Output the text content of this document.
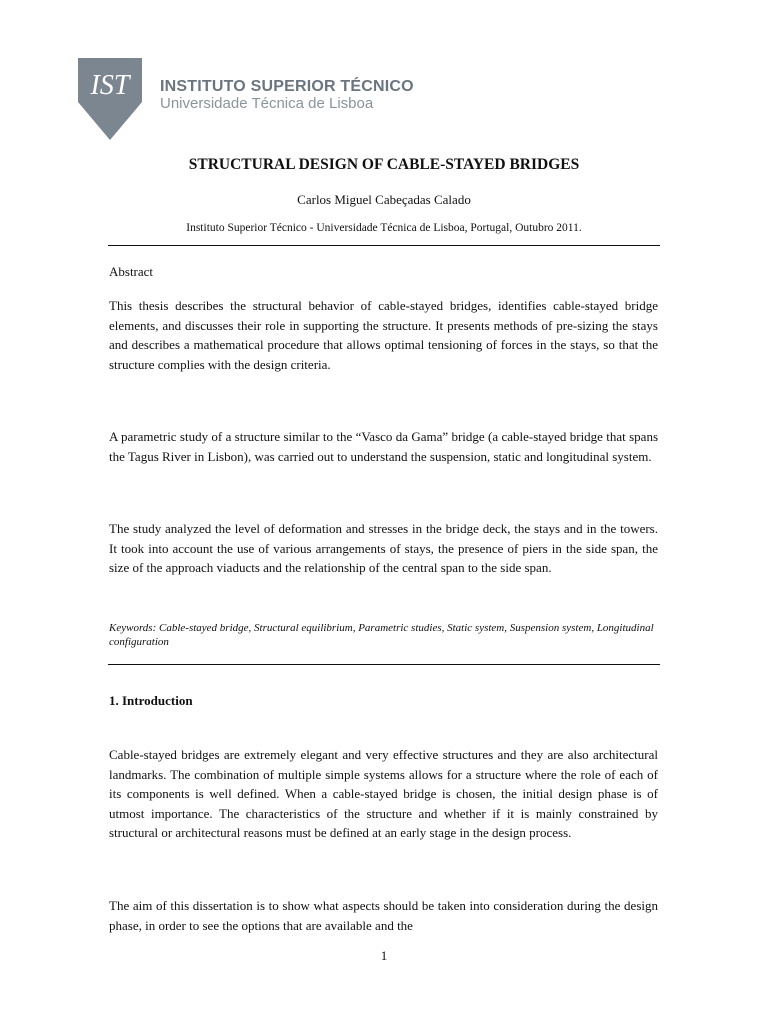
IST INSTITUTO SUPERIOR TÉCNICO
Universidade Técnica de Lisboa
STRUCTURAL DESIGN OF CABLE-STAYED BRIDGES
Carlos Miguel Cabeçadas Calado
Instituto Superior Técnico - Universidade Técnica de Lisboa, Portugal, Outubro 2011.
Abstract

This thesis describes the structural behavior of cable-stayed bridges, identifies cable-stayed bridge elements, and discusses their role in supporting the structure. It presents methods of pre-sizing the stays and describes a mathematical procedure that allows optimal tensioning of forces in the stays, so that the structure complies with the design criteria.

A parametric study of a structure similar to the “Vasco da Gama” bridge (a cable-stayed bridge that spans the Tagus River in Lisbon), was carried out to understand the suspension, static and longitudinal system.

The study analyzed the level of deformation and stresses in the bridge deck, the stays and in the towers. It took into account the use of various arrangements of stays, the presence of piers in the side span, the size of the approach viaducts and the relationship of the central span to the side span.

Keywords: Cable-stayed bridge, Structural equilibrium, Parametric studies, Static system, Suspension system, Longitudinal configuration

1. Introduction

Cable-stayed bridges are extremely elegant and very effective structures and they are also architectural landmarks. The combination of multiple simple systems allows for a structure where the role of each of its components is well defined. When a cable-stayed bridge is chosen, the initial design phase is of utmost importance. The characteristics of the structure and whether if it is mainly constrained by structural or architectural reasons must be defined at an early stage in the design process.

The aim of this dissertation is to show what aspects should be taken into consideration during the design phase, in order to see the options that are available and the

1
